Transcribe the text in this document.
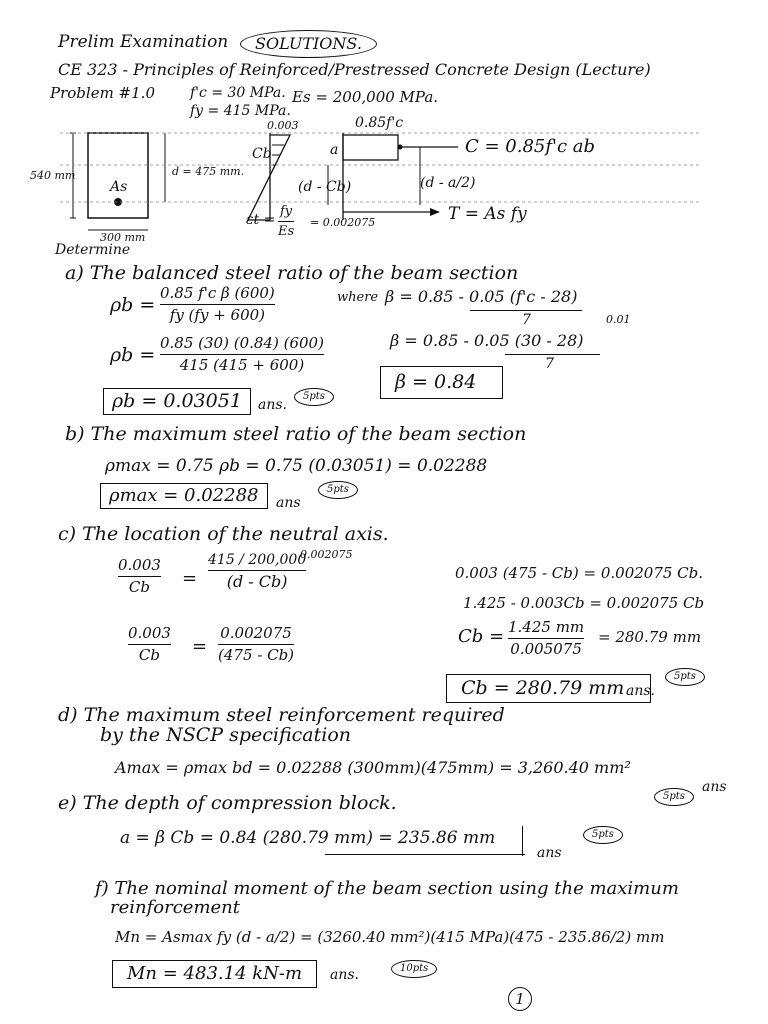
Prelim Examination	SOLUTIONS.
CE 323 - Principles of Reinforced/Prestressed Concrete Design (Lecture)
Problem #1.0	f'c = 30 MPa.
fy = 415 MPa.
Es = 200,000 MPa.
0.003	0.85f'c
Cb	a
d = 475 mm.
540 mm
As
300 mm
(d - Cb)	(d - a/2)
C = 0.85f'c ab
T = As fy
εt =
fy
Es
= 0.002075
Determine
a) The balanced steel ratio of the beam section
ρb =
0.85 f'c β (600)
fy (fy + 600)
ρb =
0.85 (30) (0.84) (600)
415 (415 + 600)
ρb = 0.03051	ans.
5pts
where β = 0.85 - 0.05 (f'c - 28)
7	0.01
β = 0.85 - 0.05 (30 - 28)
7
β = 0.84
b) The maximum steel ratio of the beam section
ρmax = 0.75 ρb = 0.75 (0.03051) = 0.02288
ρmax = 0.02288	ans
5pts
c) The location of the neutral axis.
0.003
Cb	=
415 / 200,000
(d - Cb)
0.002075
0.003
Cb	=
0.002075
(475 - Cb)
0.003 (475 - Cb) = 0.002075 Cb.
1.425 - 0.003Cb = 0.002075 Cb
Cb = 1.425 mm
0.005075
= 280.79 mm
Cb = 280.79 mm ans.
5pts
d) The maximum steel reinforcement required
by the NSCP specification
Amax = ρmax bd = 0.02288 (300mm)(475mm) = 3,260.40 mm²
ans
5pts
e) The depth of compression block.
a = β Cb = 0.84 (280.79 mm) = 235.86 mm
ans
5pts
f) The nominal moment of the beam section using the maximum
reinforcement
Mn = Asmax fy (d - a/2) = (3260.40 mm²)(415 MPa)(475 - 235.86/2) mm
Mn = 483.14 kN-m	ans.	10pts
1
